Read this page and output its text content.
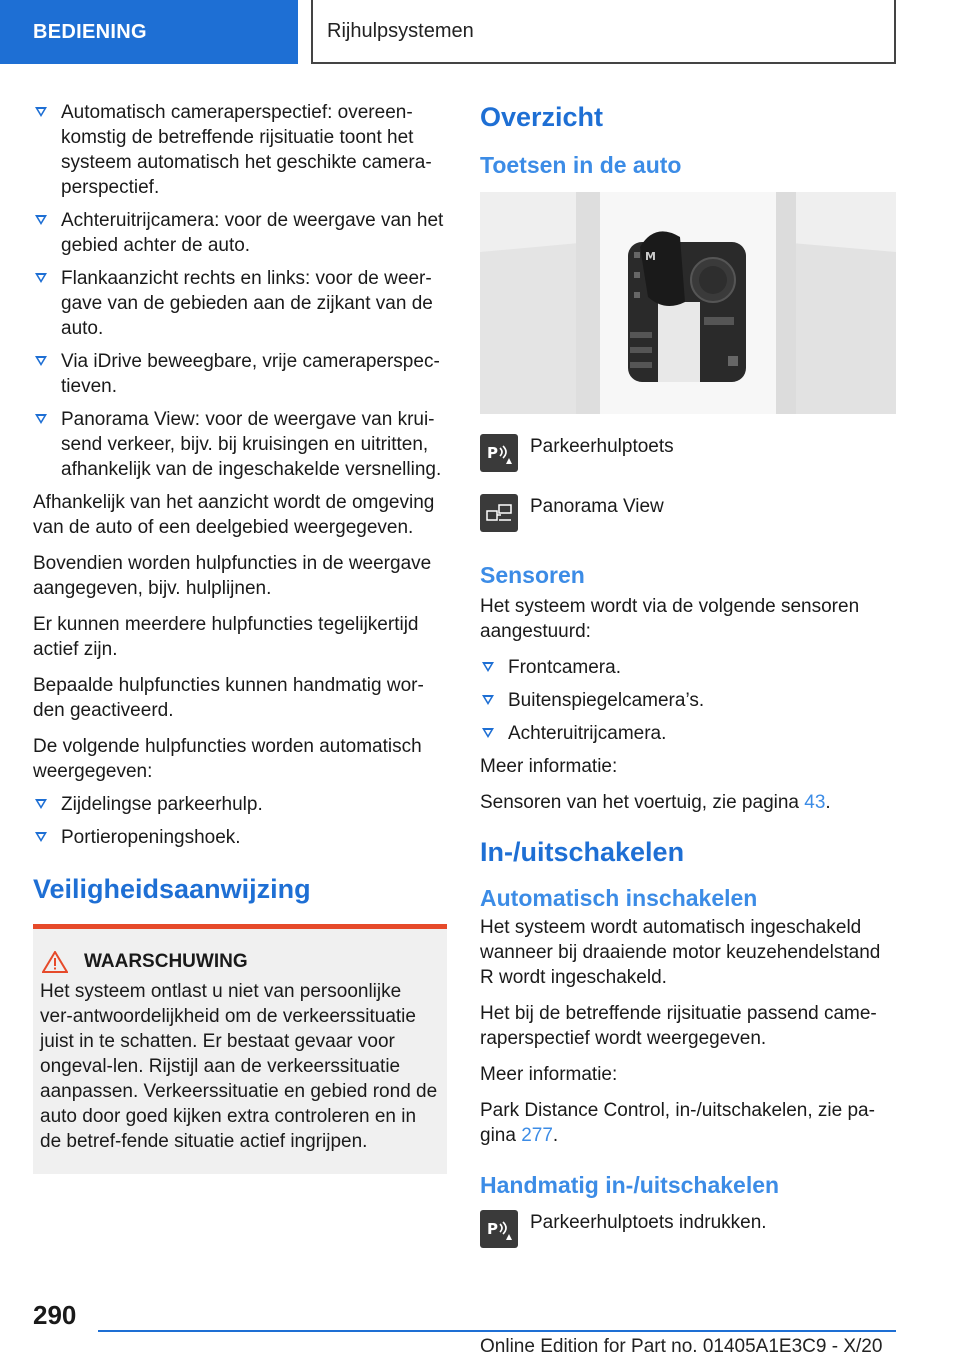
BEDIENING	Rijhulpsystemen
Automatisch cameraperspectief: overeen-komstig de betreffende rijsituatie toont het systeem automatisch het geschikte camera-perspectief.
Achteruitrijcamera: voor de weergave van het gebied achter de auto.
Flankaanzicht rechts en links: voor de weer-gave van de gebieden aan de zijkant van de auto.
Via iDrive beweegbare, vrije cameraperspec-tieven.
Panorama View: voor de weergave van krui-send verkeer, bijv. bij kruisingen en uitritten, afhankelijk van de ingeschakelde versnelling.

Afhankelijk van het aanzicht wordt de omgeving van de auto of een deelgebied weergegeven.

Bovendien worden hulpfuncties in de weergave aangegeven, bijv. hulplijnen.

Er kunnen meerdere hulpfuncties tegelijkertijd actief zijn.

Bepaalde hulpfuncties kunnen handmatig wor-den geactiveerd.

De volgende hulpfuncties worden automatisch weergegeven:

Zijdelingse parkeerhulp.
Portieropeningshoek.
Veiligheidsaanwijzing
WAARSCHUWING

Het systeem ontlast u niet van persoonlijke ver-antwoordelijkheid om de verkeerssituatie juist in te schatten. Er bestaat gevaar voor ongeval-len. Rijstijl aan de verkeerssituatie aanpassen. Verkeerssituatie en gebied rond de auto door goed kijken extra controleren en in de betref-fende situatie actief ingrijpen.

Overzicht
Toetsen in de auto
M
P Parkeerhulptoets
Panorama View
Sensoren

Het systeem wordt via de volgende sensoren aangestuurd:

Frontcamera.
Buitenspiegelcamera’s.
Achteruitrijcamera.

Meer informatie:

Sensoren van het voertuig, zie pagina 43.

In-/uitschakelen
Automatisch inschakelen

Het systeem wordt automatisch ingeschakeld wanneer bij draaiende motor keuzehendelstand R wordt ingeschakeld.

Het bij de betreffende rijsituatie passend came-raperspectief wordt weergegeven.

Meer informatie:

Park Distance Control, in-/uitschakelen, zie pa-gina 277.

Handmatig in-/uitschakelen
P Parkeerhulptoets indrukken.
290
Online Edition for Part no. 01405A1E3C9 - X/20
